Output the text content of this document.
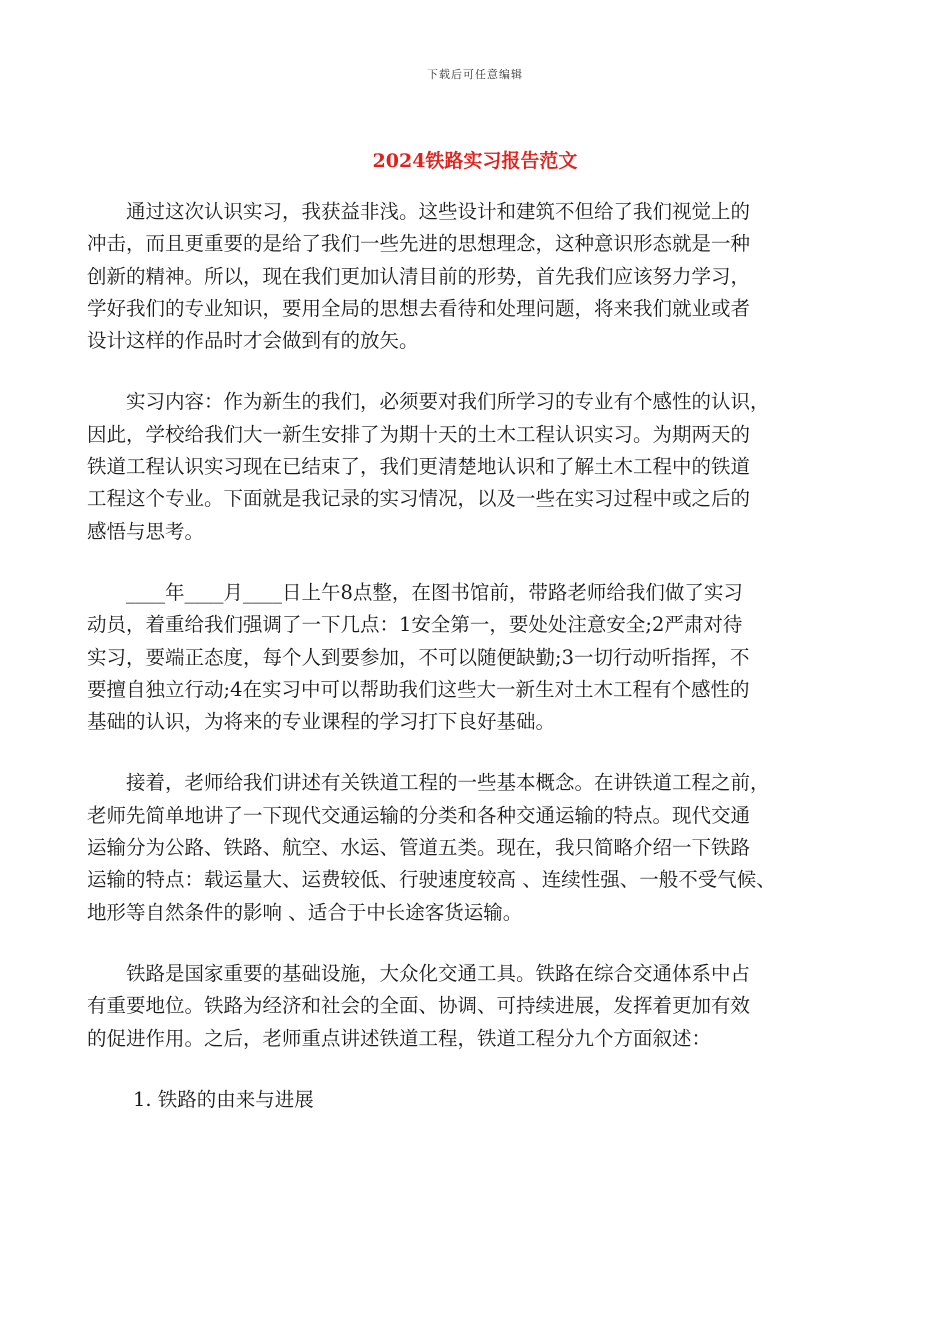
下载后可任意编辑
2024铁路实习报告范文

　　通过这次认识实习，我获益非浅。这些设计和建筑不但给了我们视觉上的
冲击，而且更重要的是给了我们一些先进的思想理念，这种意识形态就是一种
创新的精神。所以，现在我们更加认清目前的形势，首先我们应该努力学习，
学好我们的专业知识，要用全局的思想去看待和处理问题，将来我们就业或者
设计这样的作品时才会做到有的放矢。

　　实习内容：作为新生的我们，必须要对我们所学习的专业有个感性的认识，
因此，学校给我们大一新生安排了为期十天的土木工程认识实习。为期两天的
铁道工程认识实习现在已结束了，我们更清楚地认识和了解土木工程中的铁道
工程这个专业。下面就是我记录的实习情况，以及一些在实习过程中或之后的
感悟与思考。

　　____年____月____日上午8点整，在图书馆前，带路老师给我们做了实习
动员，着重给我们强调了一下几点：1安全第一，要处处注意安全;2严肃对待
实习，要端正态度，每个人到要参加，不可以随便缺勤;3一切行动听指挥，不
要擅自独立行动;4在实习中可以帮助我们这些大一新生对土木工程有个感性的
基础的认识，为将来的专业课程的学习打下良好基础。

　　接着，老师给我们讲述有关铁道工程的一些基本概念。在讲铁道工程之前，
老师先简单地讲了一下现代交通运输的分类和各种交通运输的特点。现代交通
运输分为公路、铁路、航空、水运、管道五类。现在，我只简略介绍一下铁路
运输的特点：载运量大、运费较低、行驶速度较高 、连续性强、一般不受气候、
地形等自然条件的影响 、适合于中长途客货运输。

　　铁路是国家重要的基础设施，大众化交通工具。铁路在综合交通体系中占
有重要地位。铁路为经济和社会的全面、协调、可持续进展，发挥着更加有效
的促进作用。之后，老师重点讲述铁道工程，铁道工程分九个方面叙述：

1. 铁路的由来与进展
